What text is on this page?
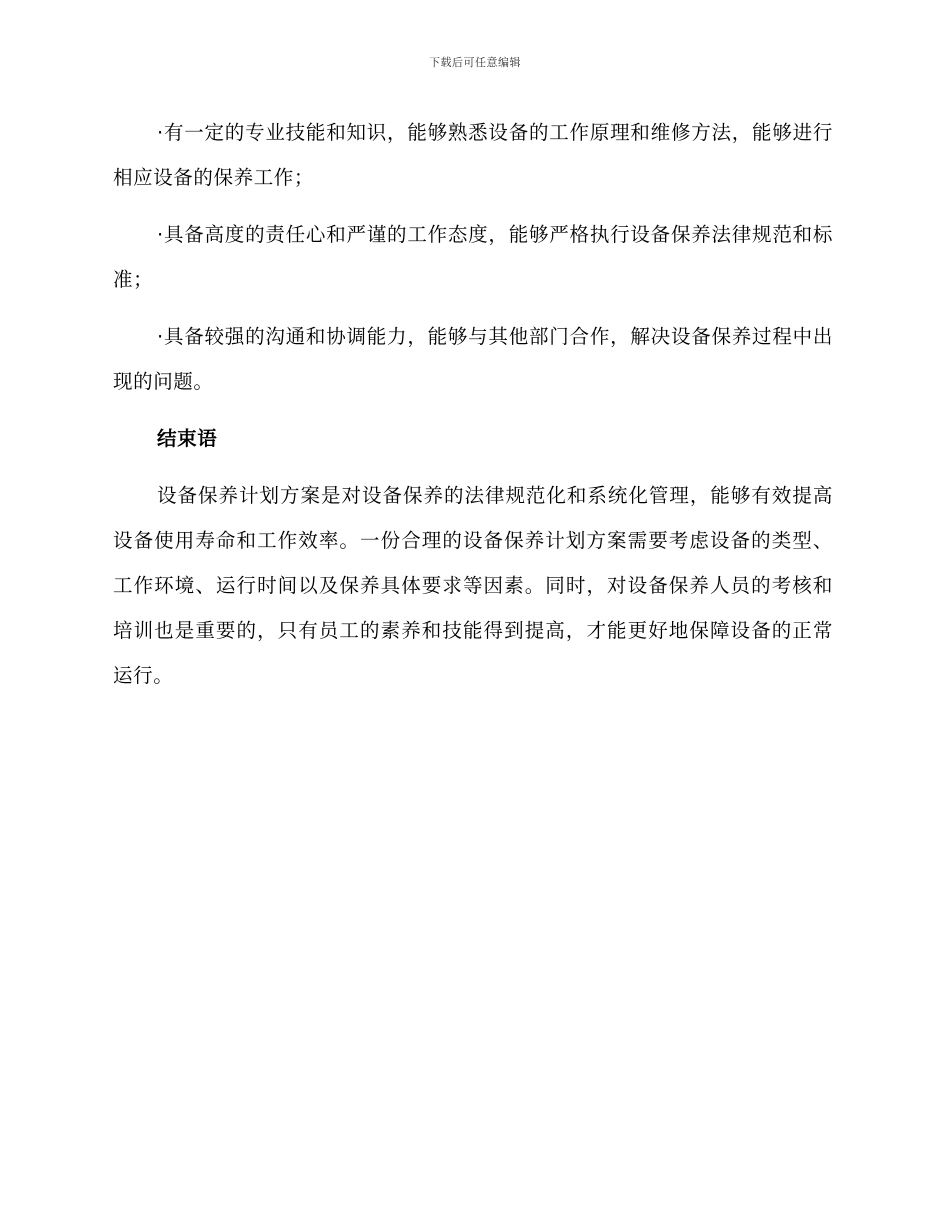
下载后可任意编辑

·有一定的专业技能和知识，能够熟悉设备的工作原理和维修方法，能够进行相应设备的保养工作；

·具备高度的责任心和严谨的工作态度，能够严格执行设备保养法律规范和标准；

·具备较强的沟通和协调能力，能够与其他部门合作，解决设备保养过程中出现的问题。

结束语

设备保养计划方案是对设备保养的法律规范化和系统化管理，能够有效提高设备使用寿命和工作效率。一份合理的设备保养计划方案需要考虑设备的类型、工作环境、运行时间以及保养具体要求等因素。同时，对设备保养人员的考核和培训也是重要的，只有员工的素养和技能得到提高，才能更好地保障设备的正常运行。
